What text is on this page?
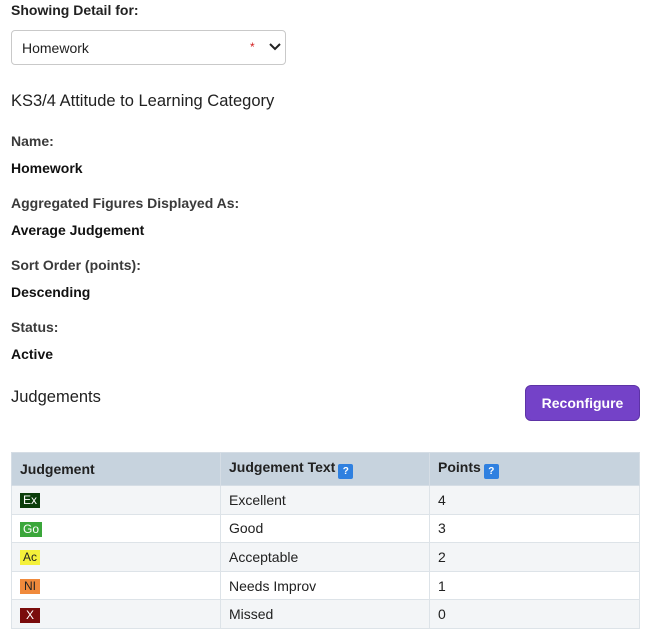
Showing Detail for:
Homework	*
KS3/4 Attitude to Learning Category
Name:
Homework
Aggregated Figures Displayed As:
Average Judgement
Sort Order (points):
Descending
Status:
Active
Judgements	Reconfigure
Judgement	Judgement Text ?	Points ?
Ex	Excellent	4
Go	Good	3
Ac	Acceptable	2
NI	Needs Improv	1
X	Missed	0
